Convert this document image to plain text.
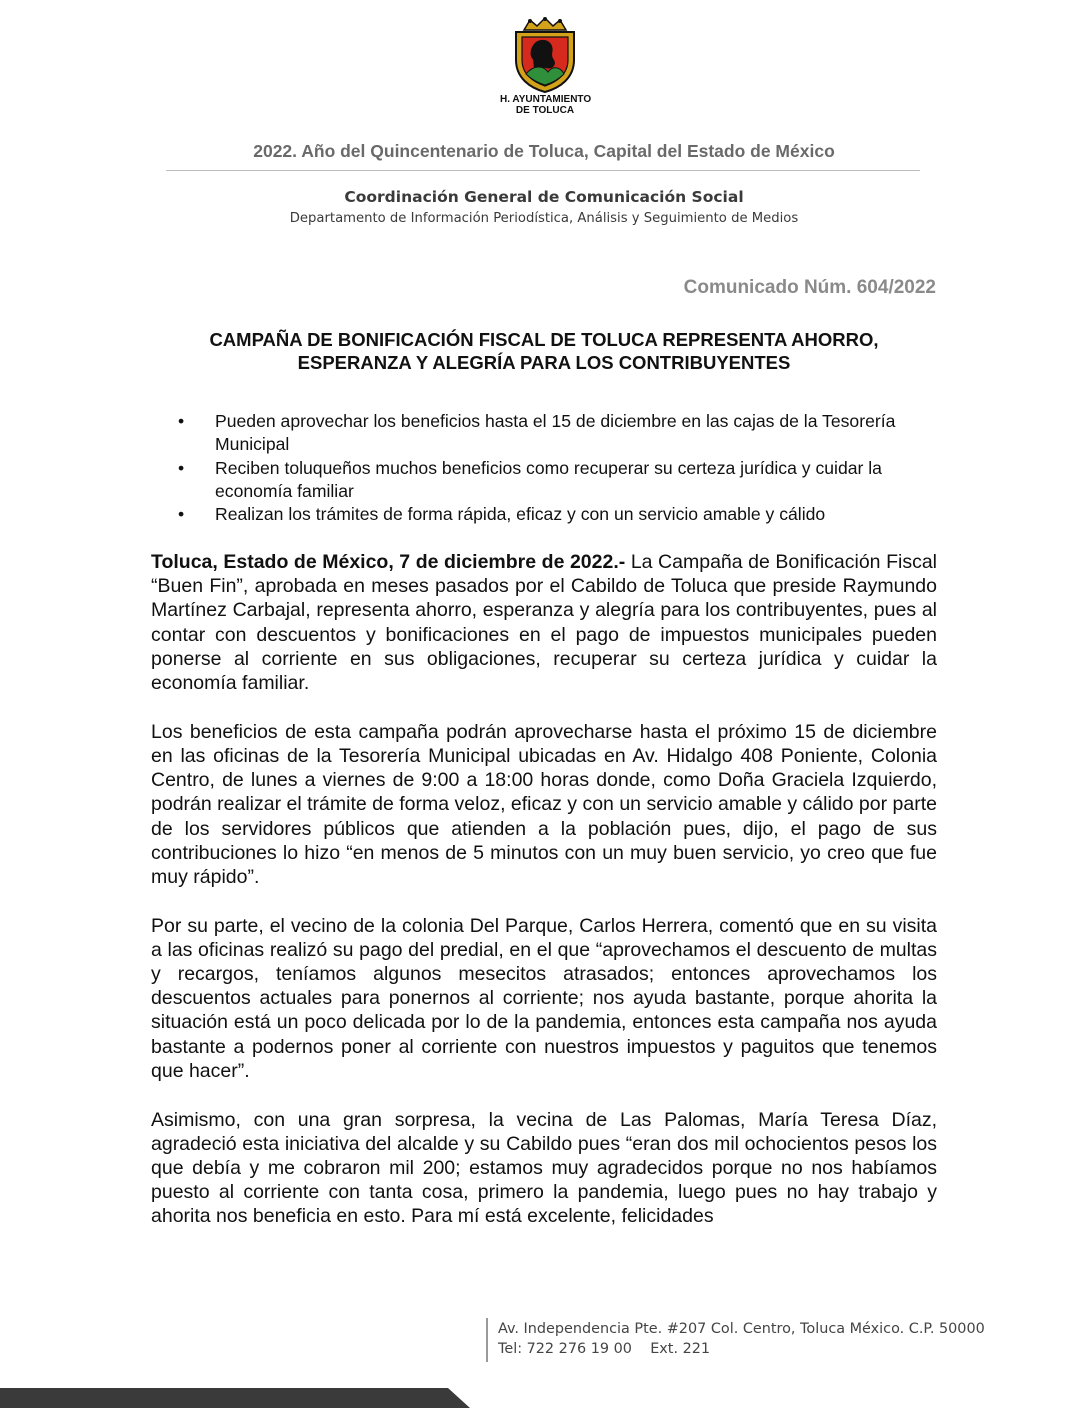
H. AYUNTAMIENTO
DE TOLUCA
2022. Año del Quincentenario de Toluca, Capital del Estado de México
Coordinación General de Comunicación Social
Departamento de Información Periodística, Análisis y Seguimiento de Medios
Comunicado Núm. 604/2022
CAMPAÑA DE BONIFICACIÓN FISCAL DE TOLUCA REPRESENTA AHORRO, ESPERANZA Y ALEGRÍA PARA LOS CONTRIBUYENTES
• Pueden aprovechar los beneficios hasta el 15 de diciembre en las cajas de la Tesorería Municipal
• Reciben toluqueños muchos beneficios como recuperar su certeza jurídica y cuidar la economía familiar
• Realizan los trámites de forma rápida, eficaz y con un servicio amable y cálido

Toluca, Estado de México, 7 de diciembre de 2022.- La Campaña de Bonificación Fiscal “Buen Fin”, aprobada en meses pasados por el Cabildo de Toluca que preside Raymundo Martínez Carbajal, representa ahorro, esperanza y alegría para los contribuyentes, pues al contar con descuentos y bonificaciones en el pago de impuestos municipales pueden ponerse al corriente en sus obligaciones, recuperar su certeza jurídica y cuidar la economía familiar.

Los beneficios de esta campaña podrán aprovecharse hasta el próximo 15 de diciembre en las oficinas de la Tesorería Municipal ubicadas en Av. Hidalgo 408 Poniente, Colonia Centro, de lunes a viernes de 9:00 a 18:00 horas donde, como Doña Graciela Izquierdo, podrán realizar el trámite de forma veloz, eficaz y con un servicio amable y cálido por parte de los servidores públicos que atienden a la población pues, dijo, el pago de sus contribuciones lo hizo “en menos de 5 minutos con un muy buen servicio, yo creo que fue muy rápido”.

Por su parte, el vecino de la colonia Del Parque, Carlos Herrera, comentó que en su visita a las oficinas realizó su pago del predial, en el que “aprovechamos el descuento de multas y recargos, teníamos algunos mesecitos atrasados; entonces aprovechamos los descuentos actuales para ponernos al corriente; nos ayuda bastante, porque ahorita la situación está un poco delicada por lo de la pandemia, entonces esta campaña nos ayuda bastante a podernos poner al corriente con nuestros impuestos y paguitos que tenemos que hacer”.

Asimismo, con una gran sorpresa, la vecina de Las Palomas, María Teresa Díaz, agradeció esta iniciativa del alcalde y su Cabildo pues “eran dos mil ochocientos pesos los que debía y me cobraron mil 200; estamos muy agradecidos porque no nos habíamos puesto al corriente con tanta cosa, primero la pandemia, luego pues no hay trabajo y ahorita nos beneficia en esto. Para mí está excelente, felicidades

Av. Independencia Pte. #207 Col. Centro, Toluca México. C.P. 50000
Tel: 722 276 19 00    Ext. 221
